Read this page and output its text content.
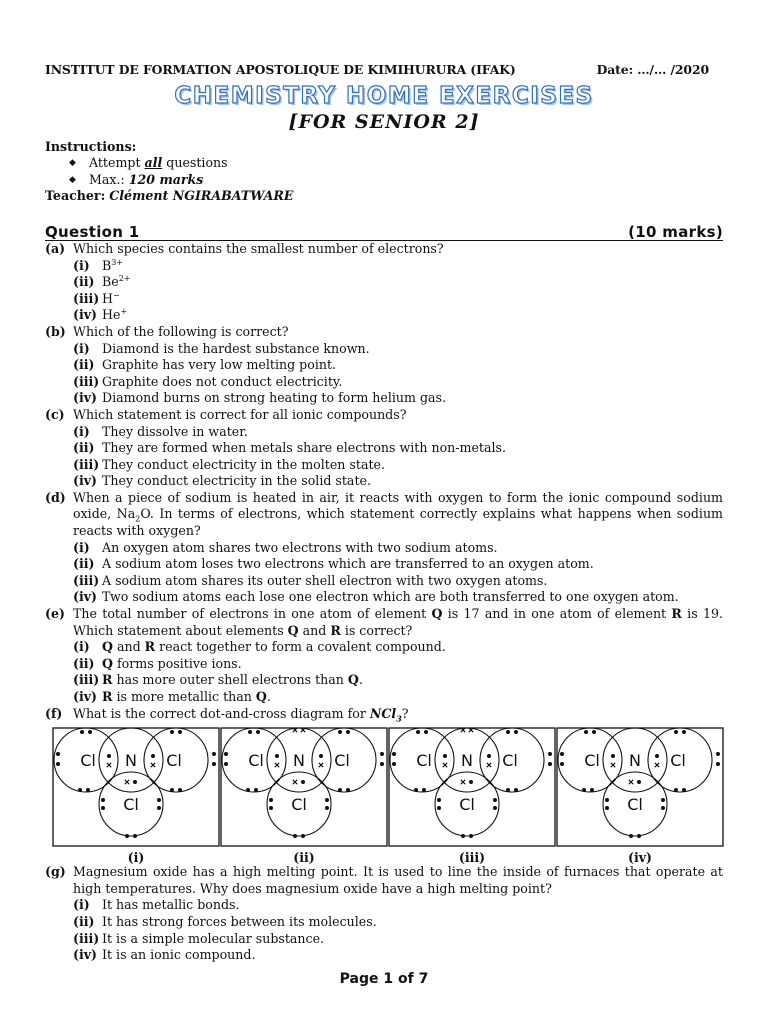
INSTITUT DE FORMATION APOSTOLIQUE DE KIMIHURURA (IFAK)	Date: …/… /2020
CHEMISTRY HOME EXERCISES
[FOR SENIOR 2]
Instructions:
◆	Attempt all questions
◆	Max.: 120 marks
Teacher: Clément NGIRABATWARE
Question 1	(10 marks)
(a) Which species contains the smallest number of electrons?
(i) $B^{3+}$
(ii) $Be^{2+}$
(iii) H−
(iv) He+
(b) Which of the following is correct?
(i) Diamond is the hardest substance known.
(ii) Graphite has very low melting point.
(iii) Graphite does not conduct electricity.
(iv) Diamond burns on strong heating to form helium gas.
(c) Which statement is correct for all ionic compounds?
(i) They dissolve in water.
(ii) They are formed when metals share electrons with non-metals.
(iii) They conduct electricity in the molten state.
(iv) They conduct electricity in the solid state.
(d) When a piece of sodium is heated in air, it reacts with oxygen to form the ionic compound sodium oxide, $Na_2O$. In terms of electrons, which statement correctly explains what happens when sodium reacts with oxygen?
(i) An oxygen atom shares two electrons with two sodium atoms.
(ii) A sodium atom loses two electrons which are transferred to an oxygen atom.
(iii) A sodium atom shares its outer shell electron with two oxygen atoms.
(iv) Two sodium atoms each lose one electron which are both transferred to one oxygen atom.
(e) The total number of electrons in one atom of element Q is 17 and in one atom of element R is 19. Which statement about elements Q and R is correct?
(i) Q and R react together to form a covalent compound.
(ii) Q forms positive ions.
(iii) R has more outer shell electrons than Q.
(iv) R is more metallic than Q.
(f) What is the correct dot-and-cross diagram for NCl$_3$?
Cl N Cl
Cl
(i)
Cl N Cl
Cl
(ii)
Cl N Cl
Cl
(iii)
Cl N Cl
Cl
(iv)
(g) Magnesium oxide has a high melting point. It is used to line the inside of furnaces that operate at high temperatures. Why does magnesium oxide have a high melting point?
(i) It has metallic bonds.
(ii) It has strong forces between its molecules.
(iii) It is a simple molecular substance.
(iv) It is an ionic compound.
Page 1 of 7
